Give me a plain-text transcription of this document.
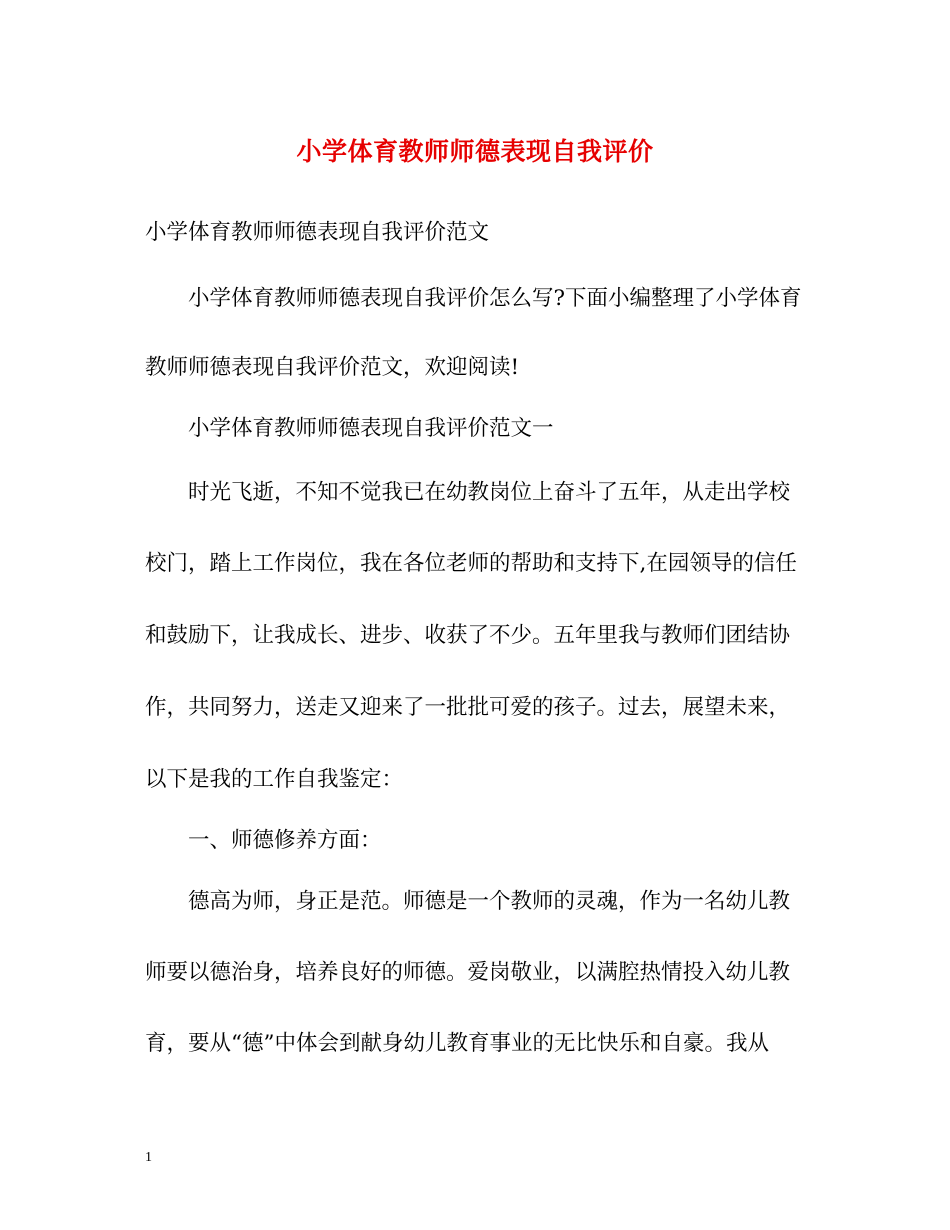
小学体育教师师德表现自我评价
小学体育教师师德表现自我评价范文
小学体育教师师德表现自我评价怎么写?下面小编整理了小学体育
教师师德表现自我评价范文，欢迎阅读!
小学体育教师师德表现自我评价范文一
时光飞逝，不知不觉我已在幼教岗位上奋斗了五年，从走出学校
校门，踏上工作岗位，我在各位老师的帮助和支持下,在园领导的信任
和鼓励下，让我成长、进步、收获了不少。五年里我与教师们团结协
作，共同努力，送走又迎来了一批批可爱的孩子。过去，展望未来，
以下是我的工作自我鉴定：
一、师德修养方面：
德高为师，身正是范。师德是一个教师的灵魂，作为一名幼儿教
师要以德治身，培养良好的师德。爱岗敬业，以满腔热情投入幼儿教
育，要从“德”中体会到献身幼儿教育事业的无比快乐和自豪。我从
1
